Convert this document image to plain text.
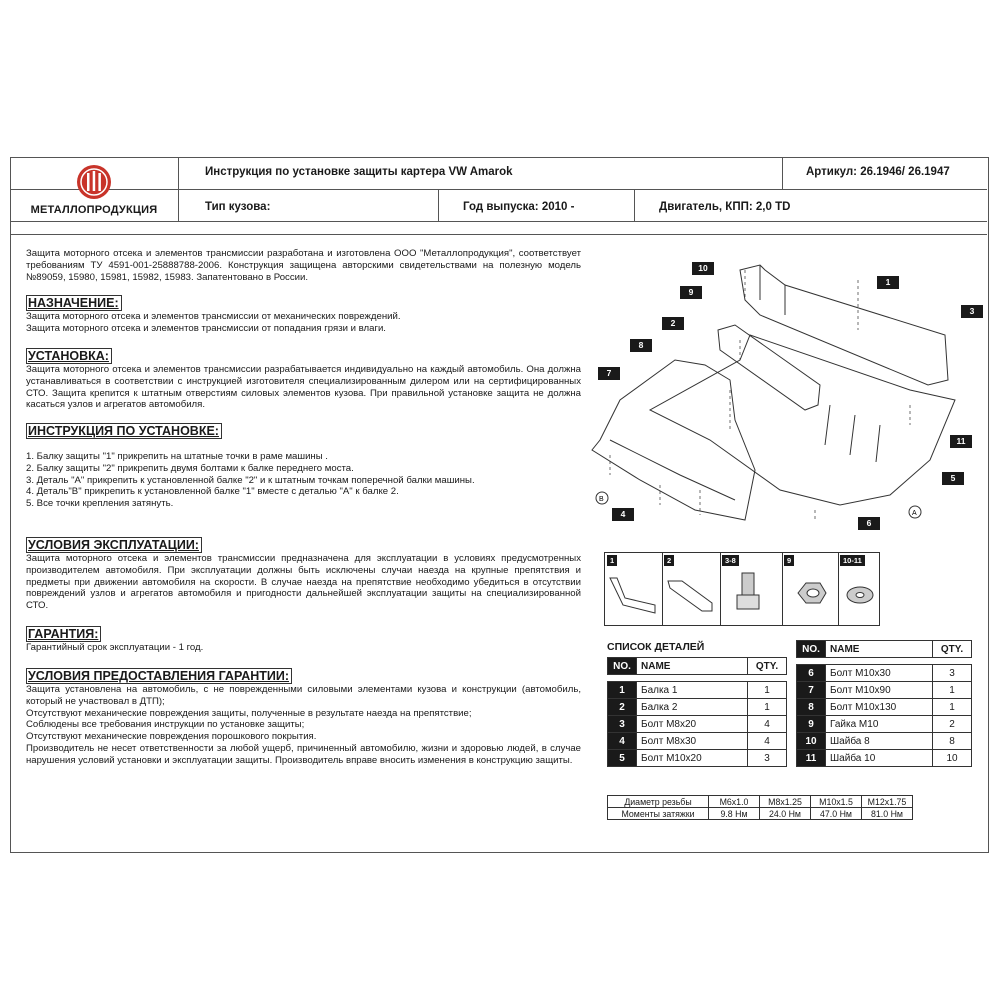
МЕТАЛЛОПРОДУКЦИЯ
Инструкция по установке защиты картера VW Amarok	Артикул: 26.1946/ 26.1947
Тип кузова:	Год выпуска: 2010 -	Двигатель, КПП: 2,0 TD

Защита моторного отсека и элементов трансмиссии разработана и изготовлена ООО "Металлопродукция", соответствует требованиям ТУ 4591-001-25888788-2006. Конструкция защищена авторскими свидетельствами на полезную модель №89059, 15980, 15981, 15982, 15983. Запатентовано в России.

НАЗНАЧЕНИЕ:

Защита моторного отсека и элементов трансмиссии от механических повреждений.

Защита моторного отсека и элементов трансмиссии от попадания грязи и влаги.

УСТАНОВКА:

Защита моторного отсека и элементов трансмиссии разрабатывается индивидуально на каждый автомобиль. Она должна устанавливаться в соответствии с инструкцией изготовителя специализированным дилером или на сертифицированных СТО. Защита крепится к штатным отверстиям силовых элементов кузова. При правильной установке защита не должна касаться узлов и агрегатов автомобиля.

ИНСТРУКЦИЯ ПО УСТАНОВКЕ:

1. Балку защиты "1" прикрепить на штатные точки в раме машины .

2. Балку защиты "2" прикрепить двумя болтами к балке переднего моста.

3. Деталь "А" прикрепить к установленной балке "2" и к штатным точкам поперечной балки машины.

4. Деталь"В" прикрепить к установленной балке "1" вместе с деталью "А" к балке 2.

5. Все точки крепления затянуть.

УСЛОВИЯ ЭКСПЛУАТАЦИИ:

Защита моторного отсека и элементов трансмиссии предназначена для эксплуатации в условиях предусмотренных производителем автомобиля. При эксплуатации должны быть исключены случаи наезда на крупные препятствия и предметы при движении автомобиля на скорости. В случае наезда на препятствие необходимо убедиться в отсутствии повреждений узлов и агрегатов автомобиля и пригодности дальнейшей эксплуатации защиты на специализированной СТО.

ГАРАНТИЯ:

Гарантийный срок эксплуатации - 1 год.

УСЛОВИЯ ПРЕДОСТАВЛЕНИЯ ГАРАНТИИ:

Защита установлена на автомобиль, с не поврежденными силовыми элементами кузова и конструкции (автомобиль, который не участвовал в ДТП);

Отсутствуют механические повреждения защиты, полученные в результате наезда на препятствие;

Соблюдены все требования инструкции по установке защиты;

Отсутствуют механические повреждения порошкового покрытия.

Производитель не несет ответственности за любой ущерб, причиненный автомобилю, жизни и здоровью людей, в случае нарушения условий установки и эксплуатации защиты. Производитель вправе вносить изменения в конструкцию защиты.

B
A
10
1
9
3
2
8
7
11
5
4
6
1	2	3-8	9	10-11
СПИСОК ДЕТАЛЕЙ
NO.	NAME	QTY.

1	Балка 1	1
2	Балка 2	1
3	Болт М8х20	4
4	Болт М8х30	4
5	Болт М10х20	3
NO.	NAME	QTY.

6	Болт М10х30	3
7	Болт М10х90	1
8	Болт М10х130	1
9	Гайка М10	2
10	Шайба 8	8
11	Шайба 10	10
Диаметр резьбы	M6x1.0	M8x1.25	M10x1.5	M12x1.75
Моменты затяжки	9.8 Нм	24.0 Нм	47.0 Нм	81.0 Нм
